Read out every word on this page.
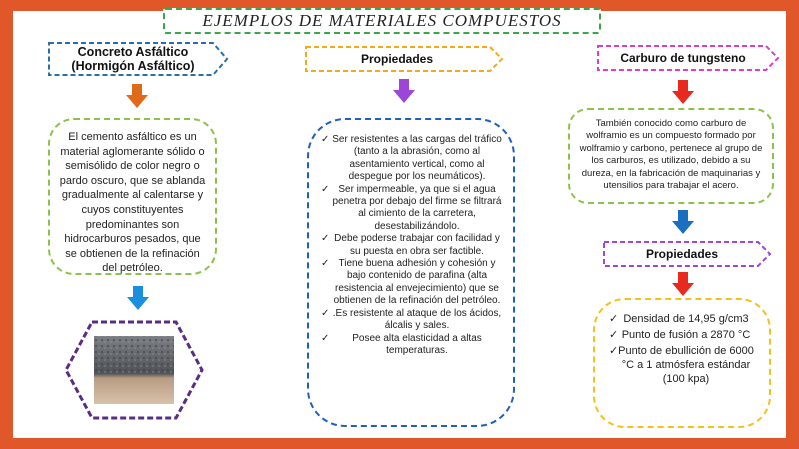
EJEMPLOS DE MATERIALES COMPUESTOS
Concreto Asfáltico (Hormigón Asfáltico)
El cemento asfáltico es un material aglomerante sólido o semisólido de color negro o pardo oscuro, que se ablanda gradualmente al calentarse y cuyos constituyentes predominantes son hidrocarburos pesados, que se obtienen de la refinación del petróleo.
Propiedades
✓ Ser resistentes a las cargas del tráfico (tanto a la abrasión, como al asentamiento vertical, como al despegue por los neumáticos).
✓ Ser impermeable, ya que si el agua penetra por debajo del firme se filtrará al cimiento de la carretera, desestabilizándolo.
✓ Debe poderse trabajar con facilidad y su puesta en obra ser factible.
✓ Tiene buena adhesión y cohesión y bajo contenido de parafina (alta resistencia al envejecimiento) que se obtienen de la refinación del petróleo.
✓ .Es resistente al ataque de los ácidos, álcalis y sales.
✓ Posee alta elasticidad a altas temperaturas.
Carburo de tungsteno
También conocido como carburo de wolframio es un compuesto formado por wolframio y carbono, pertenece al grupo de los carburos, es utilizado, debido a su dureza, en la fabricación de maquinarias y utensilios para trabajar el acero.
Propiedades
✓ Densidad de 14,95 g/cm3
✓ Punto de fusión a 2870 °C
✓ Punto de ebullición de 6000 °C a 1 atmósfera estándar (100 kpa)
